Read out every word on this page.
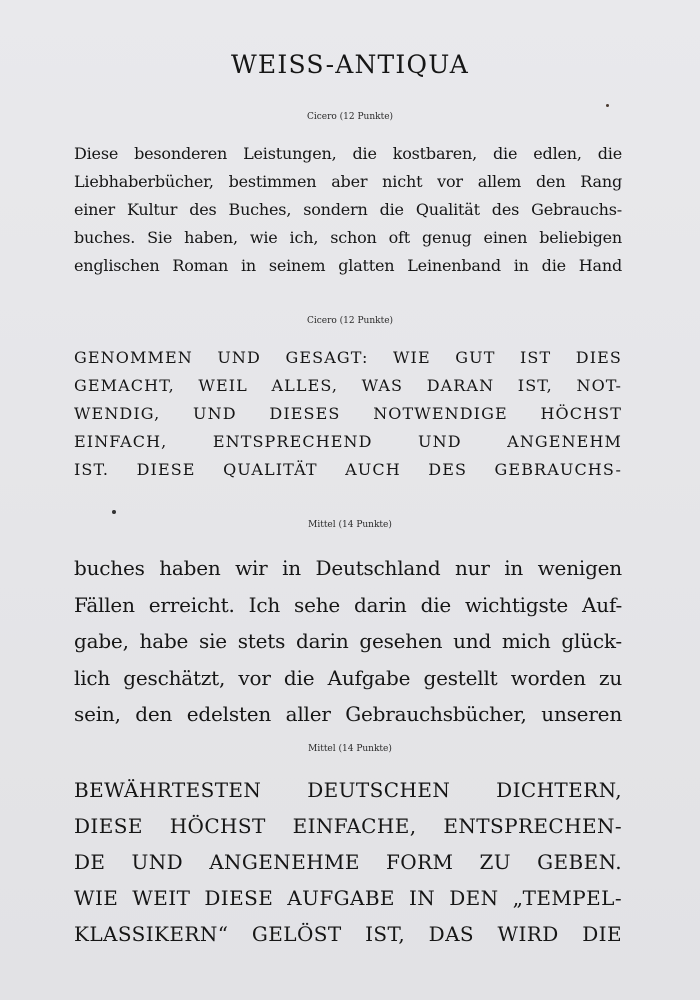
WEISS-ANTIQUA
Cicero (12 Punkte)
Diese besonderen Leistungen, die kostbaren, die edlen, die
Liebhaberbücher, bestimmen aber nicht vor allem den Rang
einer Kultur des Buches, sondern die Qualität des Gebrauchs-
buches. Sie haben, wie ich, schon oft genug einen beliebigen
englischen Roman in seinem glatten Leinenband in die Hand
Cicero (12 Punkte)
GENOMMEN UND GESAGT: WIE GUT IST DIES
GEMACHT, WEIL ALLES, WAS DARAN IST, NOT-
WENDIG, UND DIESES NOTWENDIGE HÖCHST
EINFACH, ENTSPRECHEND UND ANGENEHM
IST. DIESE QUALITÄT AUCH DES GEBRAUCHS-
Mittel (14 Punkte)
buches haben wir in Deutschland nur in wenigen
Fällen erreicht. Ich sehe darin die wichtigste Auf-
gabe, habe sie stets darin gesehen und mich glück-
lich geschätzt, vor die Aufgabe gestellt worden zu
sein, den edelsten aller Gebrauchsbücher, unseren
Mittel (14 Punkte)
BEWÄHRTESTEN DEUTSCHEN DICHTERN,
DIESE HÖCHST EINFACHE, ENTSPRECHEN-
DE UND ANGENEHME FORM ZU GEBEN.
WIE WEIT DIESE AUFGABE IN DEN „TEMPEL-
KLASSIKERN“ GELÖST IST, DAS WIRD DIE
